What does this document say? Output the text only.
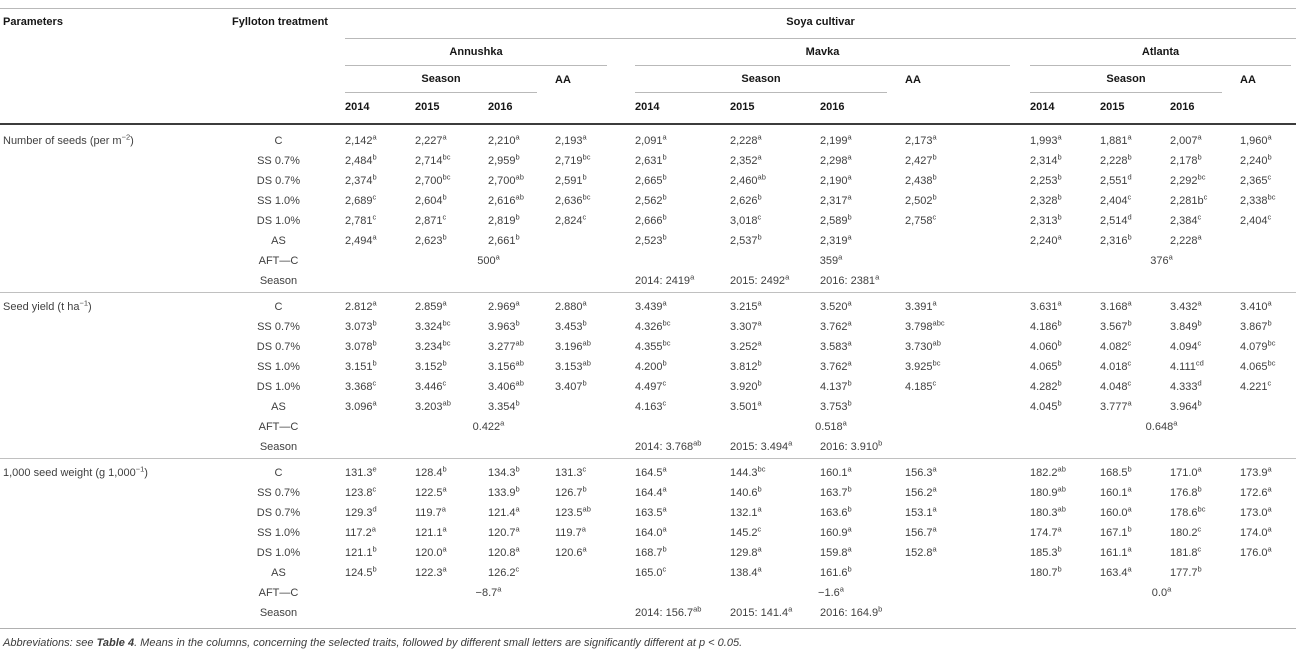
Parameters	Fylloton treatment	Soya cultivar											

		Annushka				Mavka				Atlanta			

		Season			AA	Season			AA	Season			AA
		2014	2015	2016		2014	2015	2016		2014	2015	2016	
Number of seeds (per $m^{-2}$)	C	2,142$^a$	2,227$^a$	2,210$^a$	2,193$^a$	2,091$^a$	2,228$^a$	2,199$^a$	2,173$^a$	1,993$^a$	1,881$^a$	2,007$^a$	1,960$^a$
	SS 0.7%	2,484$^b$	2,714$^{bc}$	2,959$^b$	2,719$^{bc}$	2,631$^b$	2,352$^a$	2,298$^a$	2,427$^b$	2,314$^b$	2,228$^b$	2,178$^b$	2,240$^b$
	DS 0.7%	2,374$^b$	2,700$^{bc}$	2,700$^{ab}$	2,591$^b$	2,665$^b$	2,460$^{ab}$	2,190$^a$	2,438$^b$	2,253$^b$	2,551$^d$	2,292$^{bc}$	2,365$^c$
	SS 1.0%	2,689$^c$	2,604$^b$	2,616$^{ab}$	2,636$^{bc}$	2,562$^b$	2,626$^b$	2,317$^a$	2,502$^b$	2,328$^b$	2,404$^c$	$2,281b^c$	2,338$^{bc}$
	DS 1.0%	2,781$^c$	2,871$^c$	2,819$^b$	2,824$^c$	2,666$^b$	3,018$^c$	2,589$^b$	2,758$^c$	2,313$^b$	2,514$^d$	2,384$^c$	2,404$^c$
	AS	2,494$^a$	2,623$^b$	2,661$^b$		2,523$^b$	2,537$^b$	2,319$^a$		2,240$^a$	2,316$^b$	2,228$^a$	
	AFT—C	500$^a$				359$^a$				376$^a$
	Season					2014: 2419$^a$	2015: 2492$^a$	2016: 2381$^a$		
Seed yield (t $ha^{-1}$)	C	2.812$^a$	2.859$^a$	2.969$^a$	2.880$^a$	3.439$^a$	3.215$^a$	3.520$^a$	3.391$^a$	3.631$^a$	3.168$^a$	3.432$^a$	3.410$^a$
	SS 0.7%	3.073$^b$	3.324$^{bc}$	3.963$^b$	3.453$^b$	4.326$^{bc}$	3.307$^a$	3.762$^a$	3.798$^{abc}$	4.186$^b$	3.567$^b$	3.849$^b$	3.867$^b$
	DS 0.7%	3.078$^b$	3.234$^{bc}$	3.277$^{ab}$	3.196$^{ab}$	4.355$^{bc}$	3.252$^a$	3.583$^a$	3.730$^{ab}$	4.060$^b$	4.082$^c$	4.094$^c$	4.079$^{bc}$
	SS 1.0%	3.151$^b$	3.152$^b$	3.156$^{ab}$	3.153$^{ab}$	4.200$^b$	3.812$^b$	3.762$^a$	3.925$^{bc}$	4.065$^b$	4.018$^c$	4.111$^{cd}$	4.065$^{bc}$
	DS 1.0%	3.368$^c$	3.446$^c$	3.406$^{ab}$	3.407$^b$	4.497$^c$	3.920$^b$	4.137$^b$	4.185$^c$	4.282$^b$	4.048$^c$	4.333$^d$	4.221$^c$
	AS	3.096$^a$	3.203$^{ab}$	3.354$^b$		4.163$^c$	3.501$^a$	3.753$^b$		4.045$^b$	3.777$^a$	3.964$^b$	
	AFT—C	0.422$^a$				0.518$^a$				0.648$^a$
	Season					2014: 3.768$^{ab}$	2015: 3.494$^a$	2016: 3.910$^b$		
1,000 seed weight (g $1,000^{-1}$)	C	131.3e	128.4$^b$	134.3$^b$	131.3$^c$	164.5$^a$	144.3$^{bc}$	160.1$^a$	156.3$^a$	182.2$^{ab}$	168.5$^b$	171.0$^a$	173.9$^a$
	SS 0.7%	123.8$^c$	122.5$^a$	133.9$^b$	126.7$^b$	164.4$^a$	140.6$^b$	163.7$^b$	156.2$^a$	180.9$^{ab}$	160.1$^a$	176.8$^b$	172.6$^a$
	DS 0.7%	129.3$^d$	119.7$^a$	121.4$^a$	123.5$^{ab}$	163.5$^a$	132.1$^a$	163.6$^b$	153.1$^a$	180.3$^{ab}$	160.0$^a$	178.6$^{bc}$	173.0$^a$
	SS 1.0%	117.2$^a$	121.1$^a$	120.7$^a$	119.7$^a$	164.0$^a$	145.2$^c$	160.9$^a$	156.7$^a$	174.7$^a$	167.1$^b$	180.2$^c$	174.0$^a$
	DS 1.0%	121.1$^b$	120.0$^a$	120.8$^a$	120.6$^a$	168.7$^b$	129.8$^a$	159.8$^a$	152.8$^a$	185.3$^b$	161.1$^a$	181.8$^c$	176.0$^a$
	AS	124.5$^b$	122.3$^a$	126.2$^c$		165.0$^c$	138.4$^a$	161.6$^b$		180.7$^b$	163.4$^a$	177.7$^b$	
	AFT—C	−8.7$^a$				−1.6$^a$				0.0$^a$
	Season					2014: 156.7$^{ab}$	2015: 141.4$^a$	2016: 164.9$^b$		
Abbreviations: see Table 4. Means in the columns, concerning the selected traits, followed by different small letters are significantly different at p < 0.05.
